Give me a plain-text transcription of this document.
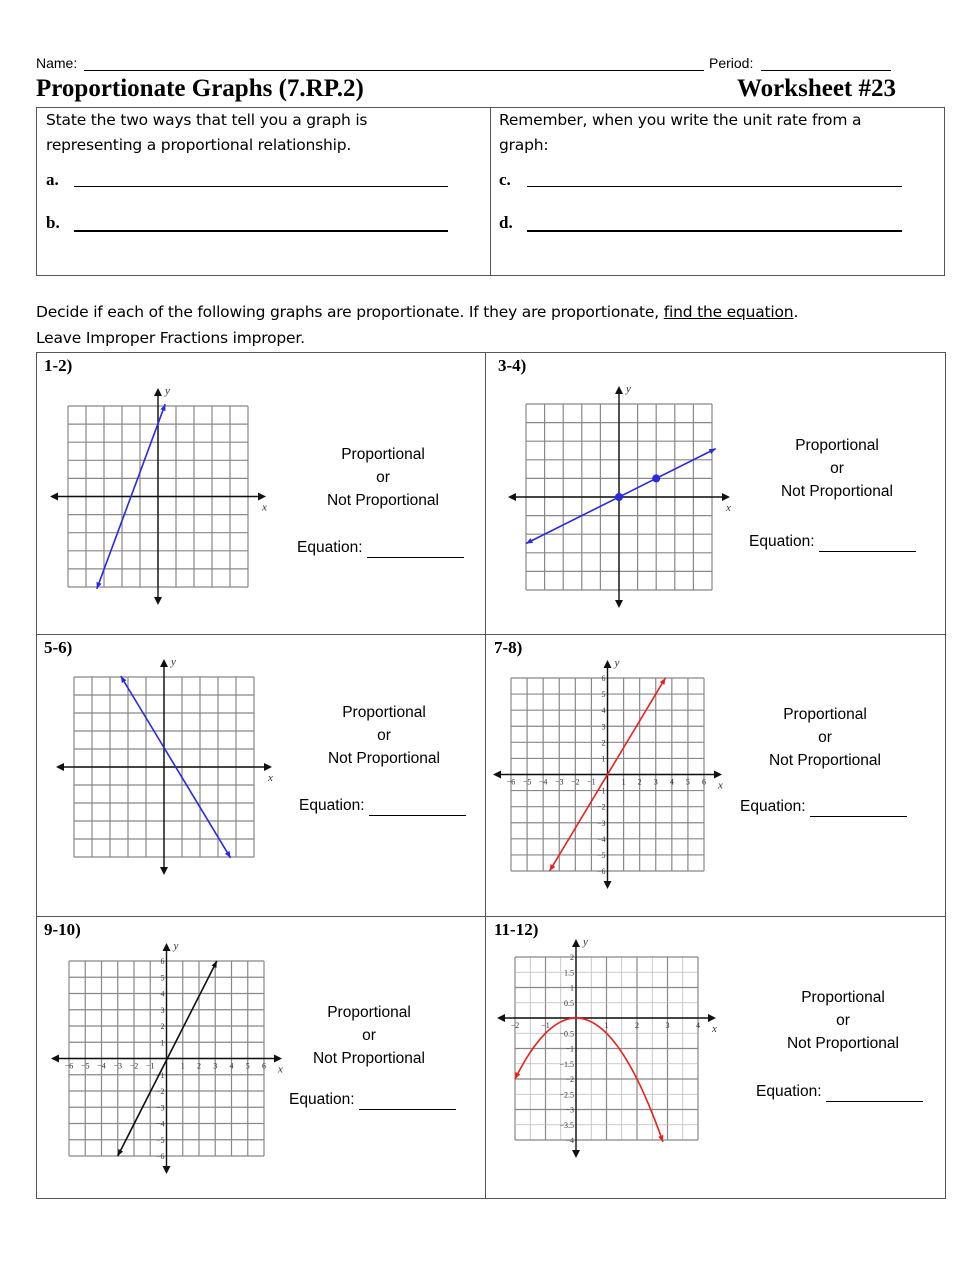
Name:	Period:
Proportionate Graphs (7.RP.2)	Worksheet #23
State the two ways that tell you a graph is
representing a proportional relationship.
Remember, when you write the unit rate from a
graph:
a.
b.
c.
d.
Decide if each of the following graphs are proportionate. If they are proportionate, find the equation.
Leave Improper Fractions improper.
1-2)
Proportional
or
Not Proportional
Equation:
y
x
3-4)
Proportional
or
Not Proportional
Equation:
y
x
5-6)
Proportional
or
Not Proportional
Equation:
y
x
7-8)
Proportional
or
Not Proportional
Equation:
y
x
−6 −5 −4 −3 −2 −1	1 2 3 4 5 6
6
5
4
3
2
1
−1
−2
−3
−4
−5
−6
9-10)
Proportional
or
Not Proportional
Equation:
y
x
−6 −5 −4 −3 −2 −1	1 2 3 4 5 6
6
5
4
3
2
1
−1
−2
−3
−4
−5
−6
11-12)
Proportional
or
Not Proportional
Equation:
y
x
−2	−1	1	2	3	4
2
1.5
1
0.5
−0.5
−1
−1.5
−2
−2.5
−3
−3.5
−4
